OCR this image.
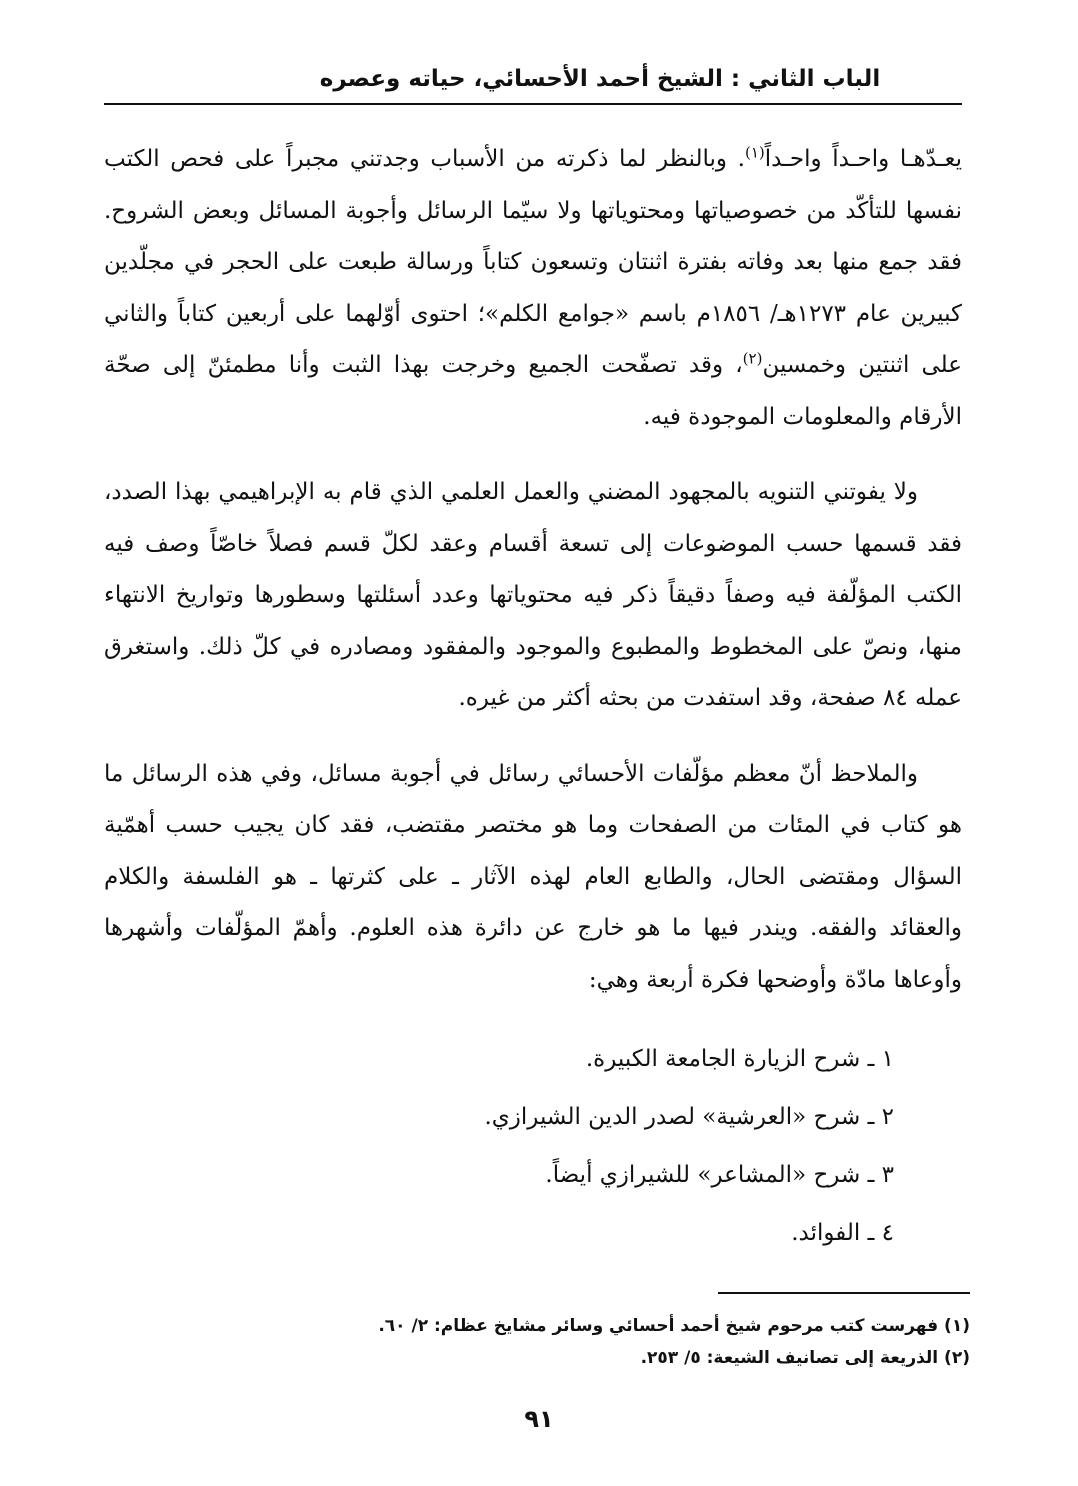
الباب الثاني : الشيخ أحمد الأحسائي، حياته وعصره

يعـدّهـا واحـداً واحـداً$^{(١)}$. وبالنظر لما ذكرته من الأسباب وجدتني مجبراً على فحص الكتب نفسها للتأكّد من خصوصياتها ومحتوياتها ولا سيّما الرسائل وأجوبة المسائل وبعض الشروح. فقد جمع منها بعد وفاته بفترة اثنتان وتسعون كتاباً ورسالة طبعت على الحجر في مجلّدين كبيرين عام ١٢٧٣هـ/ ١٨٥٦م باسم «جوامع الكلم»؛ احتوى أوّلهما على أربعين كتاباً والثاني على اثنتين وخمسين$^{(٢)}$، وقد تصفّحت الجميع وخرجت بهذا الثبت وأنا مطمئنّ إلى صحّة الأرقام والمعلومات الموجودة فيه.

ولا يفوتني التنويه بالمجهود المضني والعمل العلمي الذي قام به الإبراهيمي بهذا الصدد، فقد قسمها حسب الموضوعات إلى تسعة أقسام وعقد لكلّ قسم فصلاً خاصّاً وصف فيه الكتب المؤلّفة فيه وصفاً دقيقاً ذكر فيه محتوياتها وعدد أسئلتها وسطورها وتواريخ الانتهاء منها، ونصّ على المخطوط والمطبوع والموجود والمفقود ومصادره في كلّ ذلك. واستغرق عمله ٨٤ صفحة، وقد استفدت من بحثه أكثر من غيره.

والملاحظ أنّ معظم مؤلّفات الأحسائي رسائل في أجوبة مسائل، وفي هذه الرسائل ما هو كتاب في المئات من الصفحات وما هو مختصر مقتضب، فقد كان يجيب حسب أهمّية السؤال ومقتضى الحال، والطابع العام لهذه الآثار ـ على كثرتها ـ هو الفلسفة والكلام والعقائد والفقه. ويندر فيها ما هو خارج عن دائرة هذه العلوم. وأهمّ المؤلّفات وأشهرها وأوعاها مادّة وأوضحها فكرة أربعة وهي:

١ ـ شرح الزيارة الجامعة الكبيرة.
٢ ـ شرح «العرشية» لصدر الدين الشيرازي.
٣ ـ شرح «المشاعر» للشيرازي أيضاً.
٤ ـ الفوائد.
(١) فهرست كتب مرحوم شيخ أحمد أحسائي وسائر مشايخ عظام: ٢/ ٦٠.
(٢) الذريعة إلى تصانيف الشيعة: ٥/ ٢٥٣.
٩١
